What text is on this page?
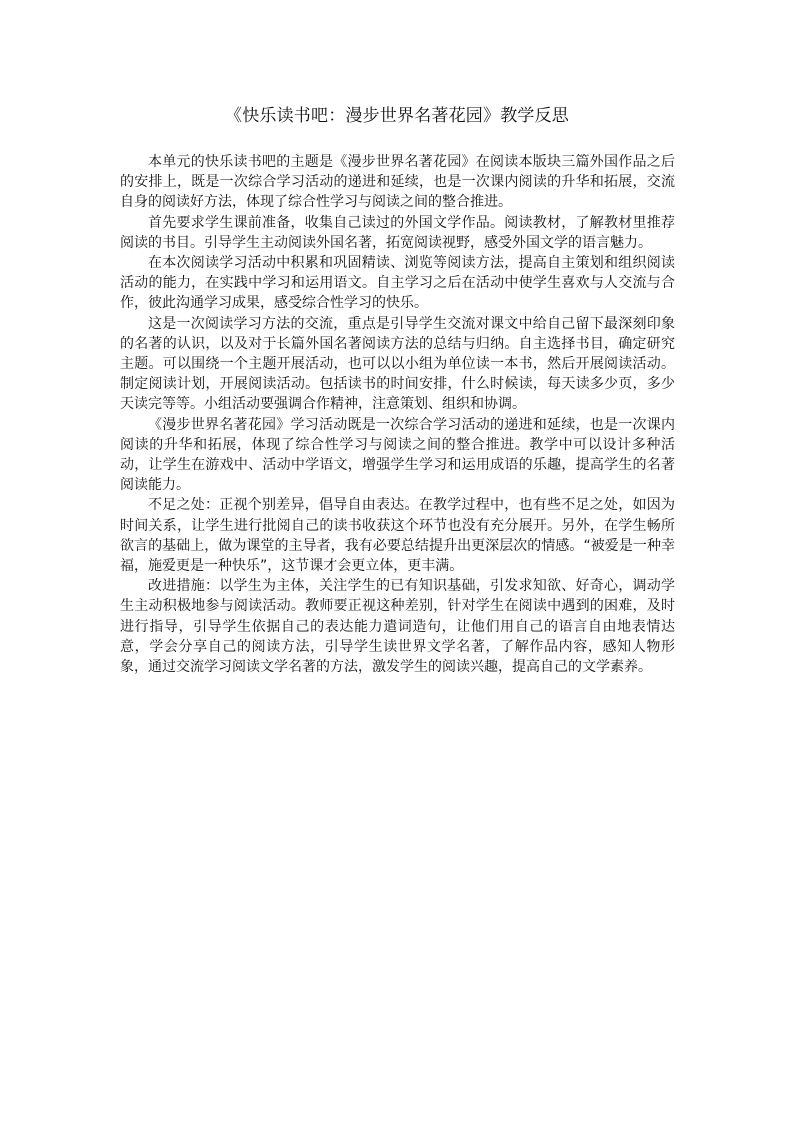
《快乐读书吧：漫步世界名著花园》教学反思

本单元的快乐读书吧的主题是《漫步世界名著花园》在阅读本版块三篇外国作品之后的安排上，既是一次综合学习活动的递进和延续，也是一次课内阅读的升华和拓展，交流自身的阅读好方法，体现了综合性学习与阅读之间的整合推进。

首先要求学生课前准备，收集自己读过的外国文学作品。阅读教材，了解教材里推荐阅读的书目。引导学生主动阅读外国名著，拓宽阅读视野，感受外国文学的语言魅力。

在本次阅读学习活动中积累和巩固精读、浏览等阅读方法，提高自主策划和组织阅读活动的能力，在实践中学习和运用语文。自主学习之后在活动中使学生喜欢与人交流与合作，彼此沟通学习成果，感受综合性学习的快乐。

这是一次阅读学习方法的交流，重点是引导学生交流对课文中给自己留下最深刻印象的名著的认识，以及对于长篇外国名著阅读方法的总结与归纳。自主选择书目，确定研究主题。可以围绕一个主题开展活动，也可以以小组为单位读一本书，然后开展阅读活动。制定阅读计划，开展阅读活动。包括读书的时间安排，什么时候读，每天读多少页，多少天读完等等。小组活动要强调合作精神，注意策划、组织和协调。

《漫步世界名著花园》学习活动既是一次综合学习活动的递进和延续，也是一次课内阅读的升华和拓展，体现了综合性学习与阅读之间的整合推进。教学中可以设计多种活动，让学生在游戏中、活动中学语文，增强学生学习和运用成语的乐趣，提高学生的名著阅读能力。

不足之处：正视个别差异，倡导自由表达。在教学过程中，也有些不足之处，如因为时间关系，让学生进行批阅自己的读书收获这个环节也没有充分展开。另外，在学生畅所欲言的基础上，做为课堂的主导者，我有必要总结提升出更深层次的情感。“被爱是一种幸福，施爱更是一种快乐”，这节课才会更立体，更丰满。

改进措施：以学生为主体，关注学生的已有知识基础，引发求知欲、好奇心，调动学生主动积极地参与阅读活动。教师要正视这种差别，针对学生在阅读中遇到的困难，及时进行指导，引导学生依据自己的表达能力遣词造句，让他们用自己的语言自由地表情达意，学会分享自己的阅读方法，引导学生读世界文学名著，了解作品内容，感知人物形象，通过交流学习阅读文学名著的方法，激发学生的阅读兴趣，提高自己的文学素养。
